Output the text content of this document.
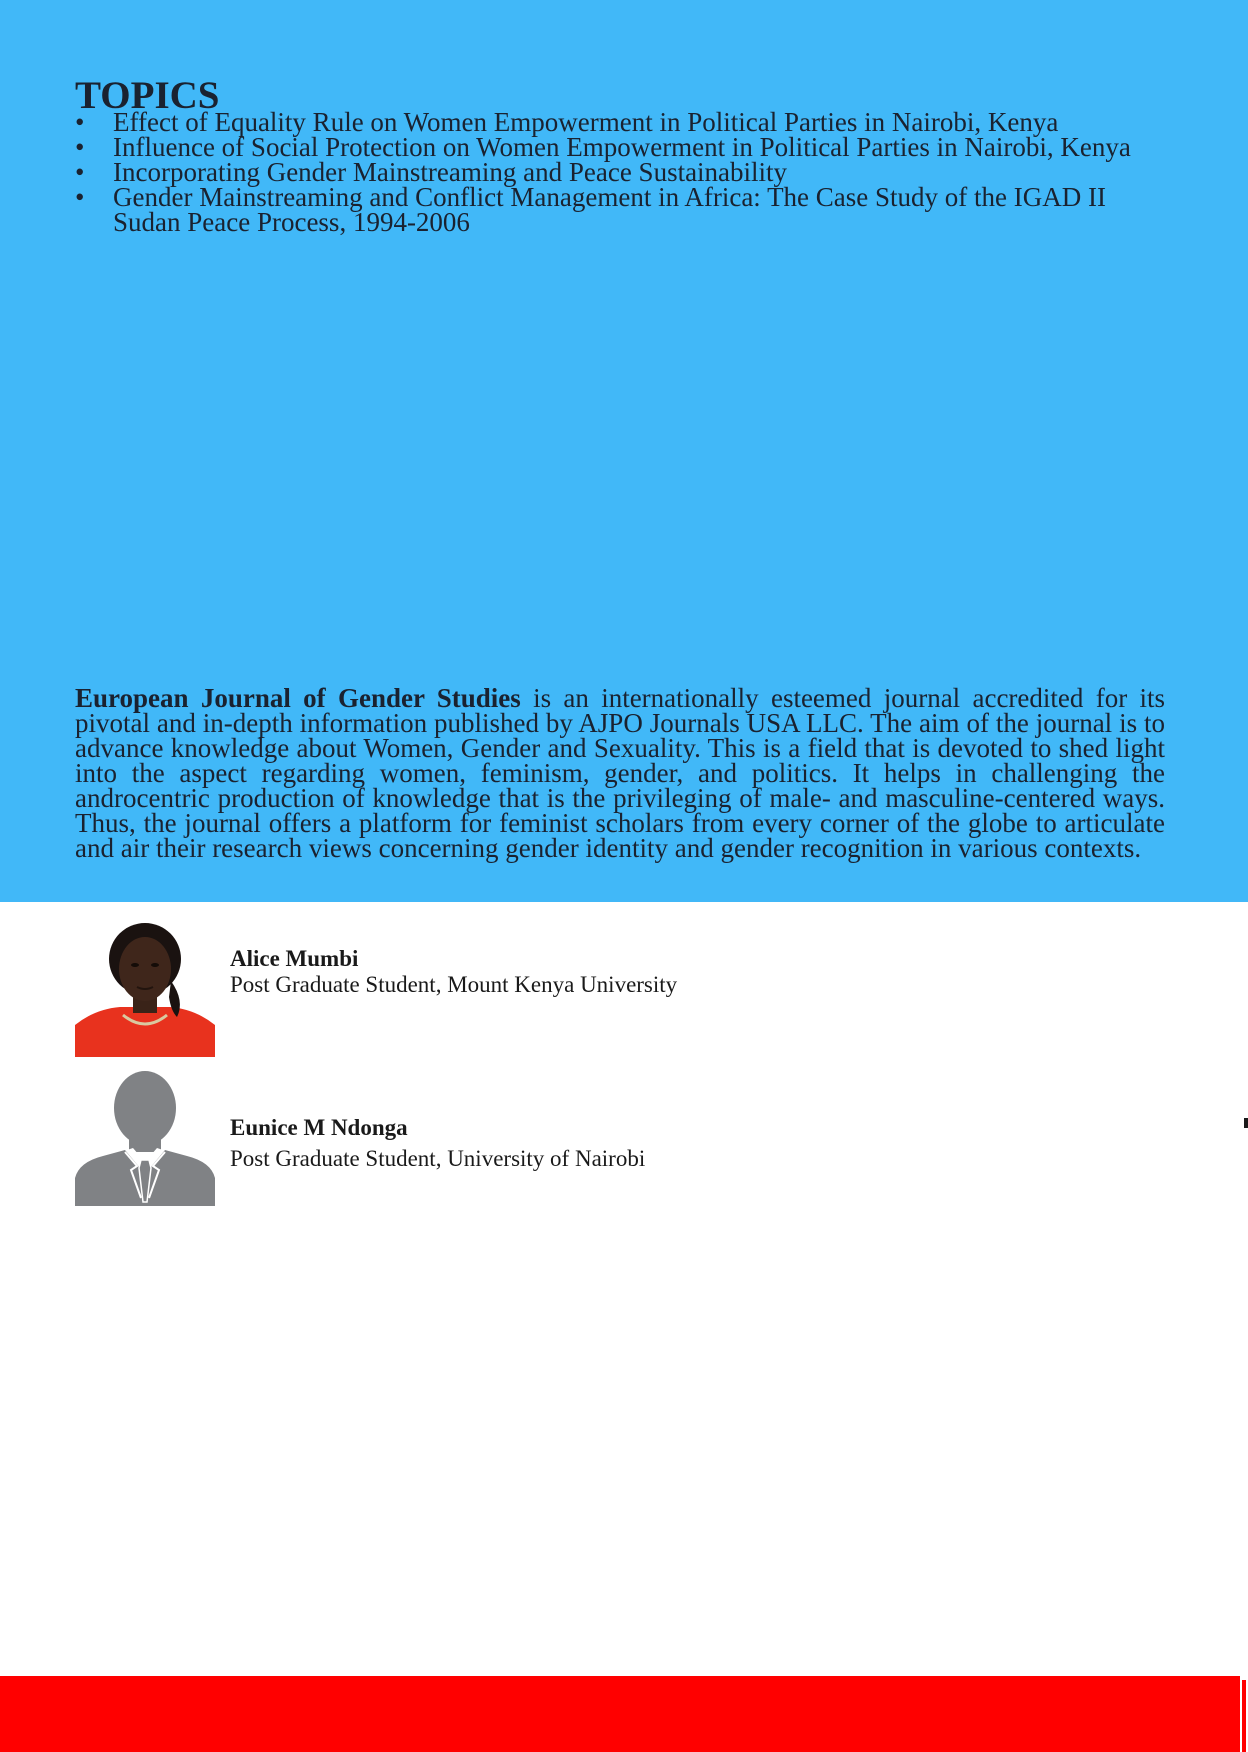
TOPICS
• Effect of Equality Rule on Women Empowerment in Political Parties in Nairobi, Kenya
• Influence of Social Protection on Women Empowerment in Political Parties in Nairobi, Kenya
• Incorporating Gender Mainstreaming and Peace Sustainability
• Gender Mainstreaming and Conflict Management in Africa: The Case Study of the IGAD II Sudan Peace Process, 1994-2006

European Journal of Gender Studies is an internationally esteemed journal accredited for its pivotal and in-depth information published by AJPO Journals USA LLC. The aim of the journal is to advance knowledge about Women, Gender and Sexuality. This is a field that is devoted to shed light into the aspect regarding women, feminism, gender, and politics. It helps in challenging the androcentric production of knowledge that is the privileging of male- and masculine-centered ways. Thus, the journal offers a platform for feminist scholars from every corner of the globe to articulate and air their research views concerning gender identity and gender recognition in various contexts.

Alice Mumbi
Post Graduate Student, Mount Kenya University
Eunice M Ndonga
Post Graduate Student, University of Nairobi
